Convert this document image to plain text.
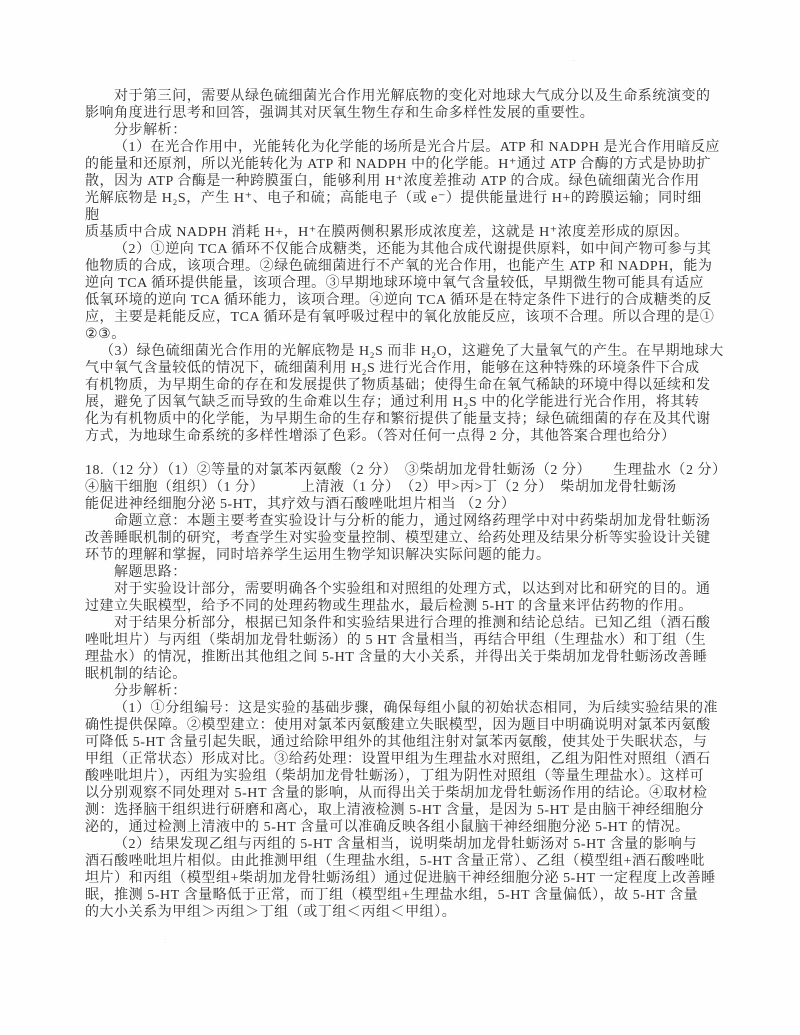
¨
对于第三问，需要从绿色硫细菌光合作用光解底物的变化对地球大气成分以及生命系统演变的
影响角度进行思考和回答，强调其对厌氧生物生存和生命多样性发展的重要性。
分步解析：
（1）在光合作用中，光能转化为化学能的场所是光合片层。ATP 和 NADPH 是光合作用暗反应
的能量和还原剂，所以光能转化为 ATP 和 NADPH 中的化学能。H⁺通过 ATP 合酶的方式是协助扩
散，因为 ATP 合酶是一种跨膜蛋白，能够利用 H⁺浓度差推动 ATP 的合成。绿色硫细菌光合作用
光解底物是 H₂S，产生 H⁺、电子和硫；高能电子（或 e⁻）提供能量进行 H+的跨膜运输；同时细
胞
质基质中合成 NADPH 消耗 H+，H⁺在膜两侧积累形成浓度差，这就是 H⁺浓度差形成的原因。
（2）①逆向 TCA 循环不仅能合成糖类，还能为其他合成代谢提供原料，如中间产物可参与其
他物质的合成，该项合理。②绿色硫细菌进行不产氧的光合作用，也能产生 ATP 和 NADPH，能为
逆向 TCA 循环提供能量，该项合理。③早期地球环境中氧气含量较低，早期微生物可能具有适应
低氧环境的逆向 TCA 循环能力，该项合理。④逆向 TCA 循环是在特定条件下进行的合成糖类的反
应，主要是耗能反应，TCA 循环是有氧呼吸过程中的氧化放能反应，该项不合理。所以合理的是①
②③。
（3）绿色硫细菌光合作用的光解底物是 H₂S 而非 H₂O，这避免了大量氧气的产生。在早期地球大
气中氧气含量较低的情况下，硫细菌利用 H₂S 进行光合作用，能够在这种特殊的环境条件下合成
有机物质，为早期生命的存在和发展提供了物质基础；使得生命在氧气稀缺的环境中得以延续和发
展，避免了因氧气缺乏而导致的生命难以生存；通过利用 H₂S 中的化学能进行光合作用，将其转
化为有机物质中的化学能，为早期生命的生存和繁衍提供了能量支持；绿色硫细菌的存在及其代谢
方式，为地球生命系统的多样性增添了色彩。（答对任何一点得 2 分，其他答案合理也给分）
18.（12 分）（1）②等量的对氯苯丙氨酸（2 分）　③柴胡加龙骨牡蛎汤（2 分）　　生理盐水（2 分）
④脑干细胞（组织）（1 分）　　　上清液（1 分）　（2）甲>丙>丁（2 分）　柴胡加龙骨牡蛎汤
能促进神经细胞分泌 5-HT，其疗效与酒石酸唑吡坦片相当 （2 分）
命题立意：本题主要考查实验设计与分析的能力，通过网络药理学中对中药柴胡加龙骨牡蛎汤
改善睡眠机制的研究，考查学生对实验变量控制、模型建立、给药处理及结果分析等实验设计关键
环节的理解和掌握，同时培养学生运用生物学知识解决实际问题的能力。
解题思路：
对于实验设计部分，需要明确各个实验组和对照组的处理方式，以达到对比和研究的目的。通
过建立失眠模型，给予不同的处理药物或生理盐水，最后检测 5-HT 的含量来评估药物的作用。
对于结果分析部分，根据已知条件和实验结果进行合理的推测和结论总结。已知乙组（酒石酸
唑吡坦片）与丙组（柴胡加龙骨牡蛎汤）的 5 HT 含量相当，再结合甲组（生理盐水）和丁组（生
理盐水）的情况，推断出其他组之间 5-HT 含量的大小关系，并得出关于柴胡加龙骨牡蛎汤改善睡
眠机制的结论。
分步解析：
（1）①分组编号：这是实验的基础步骤，确保每组小鼠的初始状态相同，为后续实验结果的准
确性提供保障。②模型建立：使用对氯苯丙氨酸建立失眠模型，因为题目中明确说明对氯苯丙氨酸
可降低 5-HT 含量引起失眠，通过给除甲组外的其他组注射对氯苯丙氨酸，使其处于失眠状态，与
甲组（正常状态）形成对比。③给药处理：设置甲组为生理盐水对照组，乙组为阳性对照组（酒石
酸唑吡坦片），丙组为实验组（柴胡加龙骨牡蛎汤），丁组为阴性对照组（等量生理盐水）。这样可
以分别观察不同处理对 5-HT 含量的影响，从而得出关于柴胡加龙骨牡蛎汤作用的结论。④取材检
测：选择脑干组织进行研磨和离心，取上清液检测 5-HT 含量，是因为 5-HT 是由脑干神经细胞分
泌的，通过检测上清液中的 5-HT 含量可以准确反映各组小鼠脑干神经细胞分泌 5-HT 的情况。
（2）结果发现乙组与丙组的 5-HT 含量相当，说明柴胡加龙骨牡蛎汤对 5-HT 含量的影响与
酒石酸唑吡坦片相似。由此推测甲组（生理盐水组，5-HT 含量正常）、乙组（模型组+酒石酸唑吡
坦片）和丙组（模型组+柴胡加龙骨牡蛎汤组）通过促进脑干神经细胞分泌 5-HT 一定程度上改善睡
眠，推测 5-HT 含量略低于正常，而丁组（模型组+生理盐水组，5-HT 含量偏低），故 5-HT 含量
的大小关系为甲组＞丙组＞丁组（或丁组＜丙组＜甲组）。
∶
